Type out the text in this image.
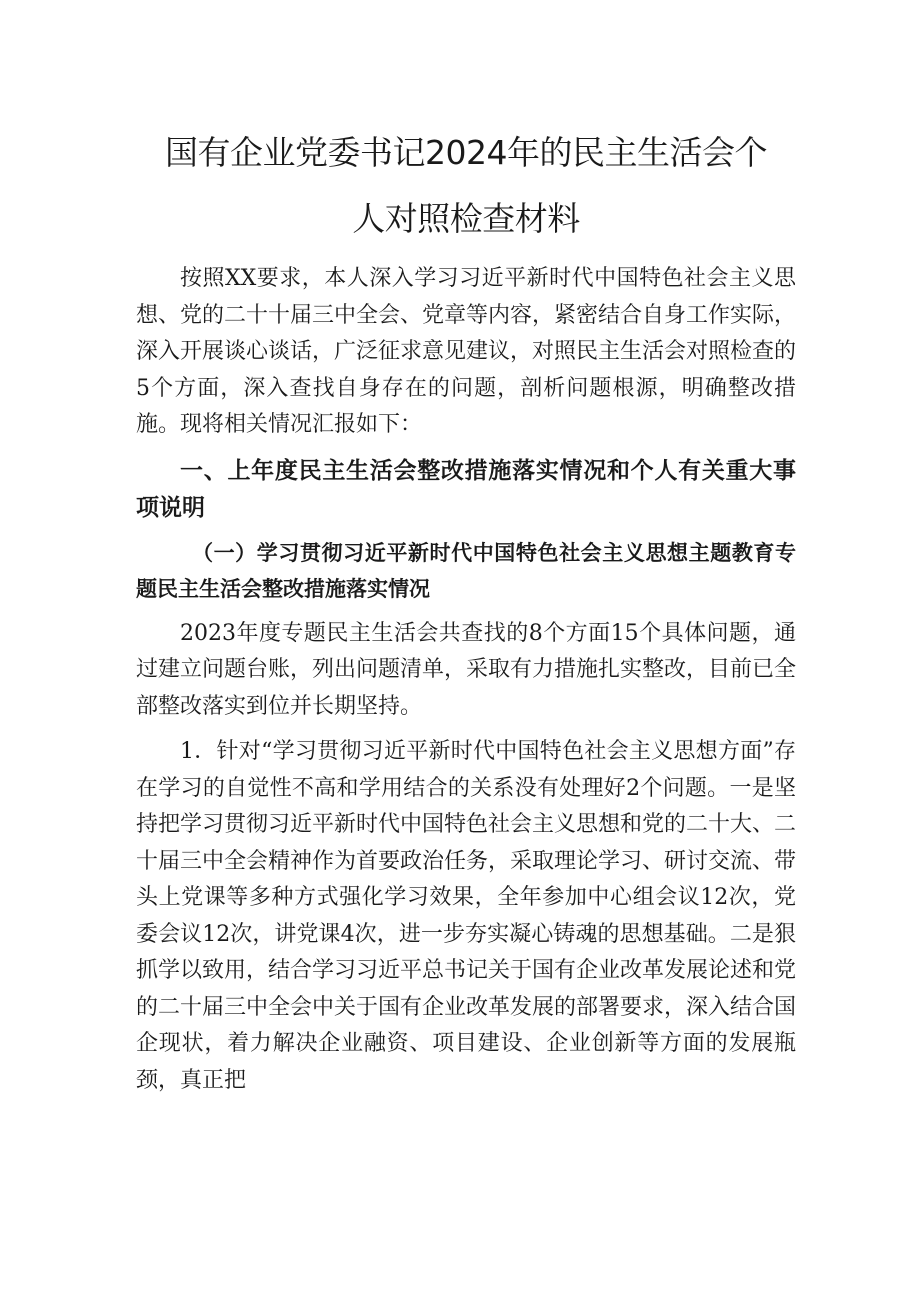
国有企业党委书记2024年的民主生活会个
人对照检查材料

按照XX要求，本人深入学习习近平新时代中国特色社会主义思想、党的二十十届三中全会、党章等内容，紧密结合自身工作实际，深入开展谈心谈话，广泛征求意见建议，对照民主生活会对照检查的5个方面，深入查找自身存在的问题，剖析问题根源，明确整改措施。现将相关情况汇报如下：

一、上年度民主生活会整改措施落实情况和个人有关重大事项说明
（一）学习贯彻习近平新时代中国特色社会主义思想主题教育专题民主生活会整改措施落实情况

2023年度专题民主生活会共查找的8个方面15个具体问题，通过建立问题台账，列出问题清单，采取有力措施扎实整改，目前已全部整改落实到位并长期坚持。

1．针对“学习贯彻习近平新时代中国特色社会主义思想方面”存在学习的自觉性不高和学用结合的关系没有处理好2个问题。一是坚持把学习贯彻习近平新时代中国特色社会主义思想和党的二十大、二十届三中全会精神作为首要政治任务，采取理论学习、研讨交流、带头上党课等多种方式强化学习效果，全年参加中心组会议12次，党委会议12次，讲党课4次，进一步夯实凝心铸魂的思想基础。二是狠抓学以致用，结合学习习近平总书记关于国有企业改革发展论述和党的二十届三中全会中关于国有企业改革发展的部署要求，深入结合国企现状，着力解决企业融资、项目建设、企业创新等方面的发展瓶颈，真正把
